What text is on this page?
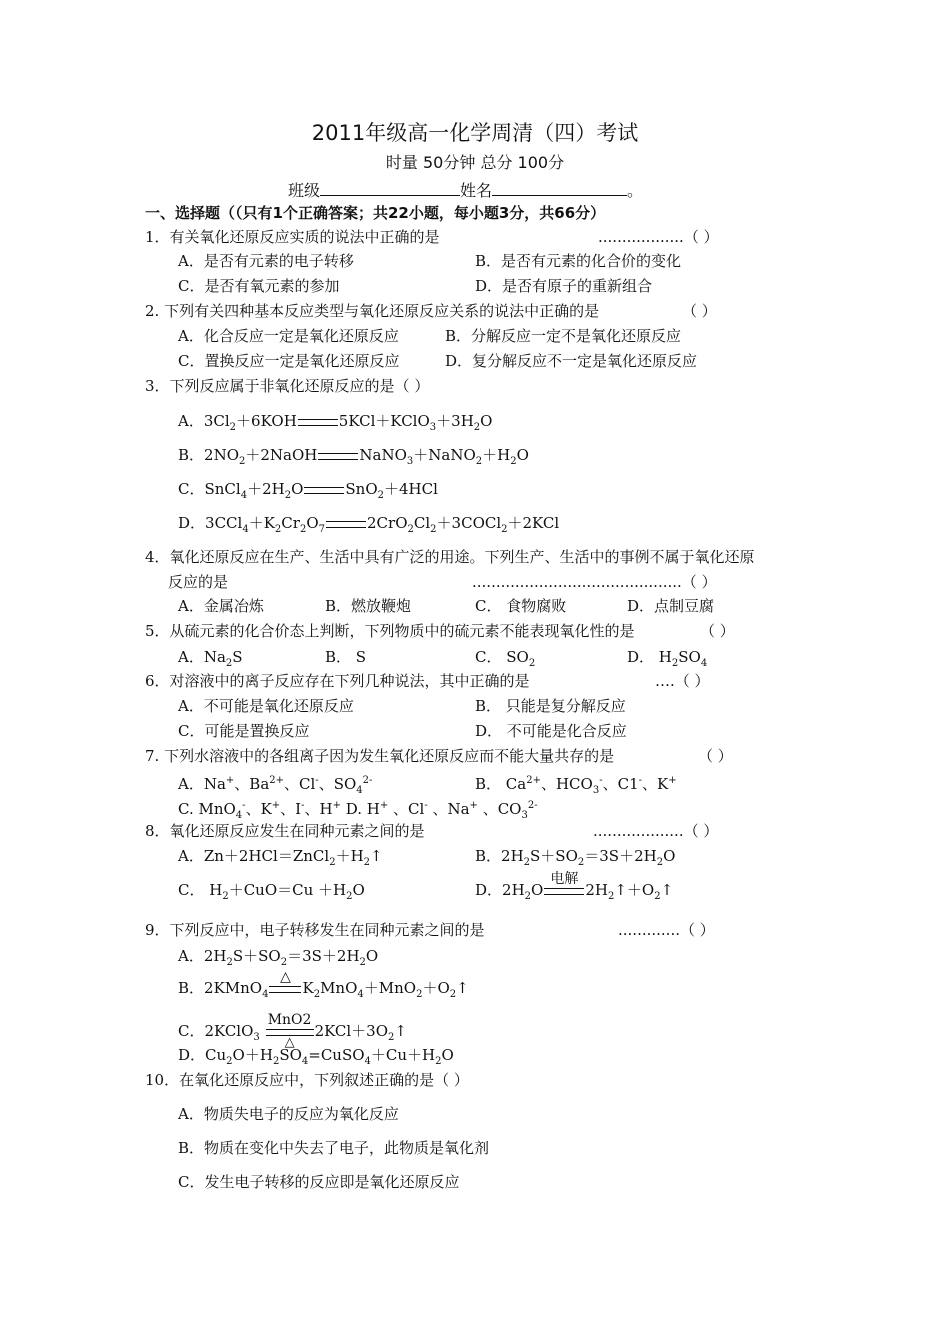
2011年级高一化学周清（四）考试
时量 50分钟 总分 100分
班级	姓名	。
一、选择题（（只有1个正确答案；共22小题，每小题3分，共66分）
1．有关氧化还原反应实质的说法中正确的是	..................（ ）
A．是否有元素的电子转移	B．是否有元素的化合价的变化
C．是否有氧元素的参加	D．是否有原子的重新组合
2. 下列有关四种基本反应类型与氧化还原反应关系的说法中正确的是	（ ）
A．化合反应一定是氧化还原反应	B．分解反应一定不是氧化还原反应
C．置换反应一定是氧化还原反应	D．复分解反应不一定是氧化还原反应
3．下列反应属于非氧化还原反应的是（ ）
A．$3Cl_2+6KOH$	$5KCl+KClO_3+3H_2O$
B．$2NO_2+2NaOH$	$NaNO_3+NaNO_2+H_2O$
C．$SnCl_4+2H_2O$	SnO$_2$＋4HCl
D．$3CCl_4+K_2Cr_2O_7$	$2CrO_2Cl_2+3COCl_2+2KCl$
4．氧化还原反应在生产、生活中具有广泛的用途。下列生产、生活中的事例不属于氧化还原
反应的是	............................................（ ）
A．金属冶炼	B．燃放鞭炮	C． 食物腐败	D．点制豆腐
5．从硫元素的化合价态上判断，下列物质中的硫元素不能表现氧化性的是	（ ）
A．$Na_2S$	B． S	C． $SO_2$	D． $H_2SO_4$
6．对溶液中的离子反应存在下列几种说法，其中正确的是	….（ ）
A．不可能是氧化还原反应	B． 只能是复分解反应
C．可能是置换反应	D． 不可能是化合反应
7. 下列水溶液中的各组离子因为发生氧化还原反应而不能大量共存的是	（ ）
A．Na+、$Ba^{2+}$、Cl-、$SO_4^{2-}$	B． $Ca^{2+}$、$HCO_3^-$、C1-、K+
C. MnO$_4$-、K+、I-、H+ D. H+ 、Cl- 、Na+ 、$CO_3^{2-}$
8．氧化还原反应发生在同种元素之间的是	...................（ ）
A．$Zn+2HCl=ZnCl_2+H_2↑$	B．$2H_2S+SO_2=3S+2H_2O$
C． $H_2+CuO=Cu +H_2O$	D．$2H_2O$
电解
$2H_2↑+O_2↑$
9．下列反应中，电子转移发生在同种元素之间的是	.............（ ）
A．$2H_2S+SO_2=3S+2H_2O$
B．2KMnO$_4$
△
$K_2MnO_4+MnO_2+O_2↑$
C．2KClO$_3$
MnO2
△
$2KCl+3O_2↑$
D．$Cu_2O+H_2SO_4=CuSO_4+Cu+H_2O$
10．在氧化还原反应中，下列叙述正确的是（ ）
A．物质失电子的反应为氧化反应
B．物质在变化中失去了电子，此物质是氧化剂
C．发生电子转移的反应即是氧化还原反应
